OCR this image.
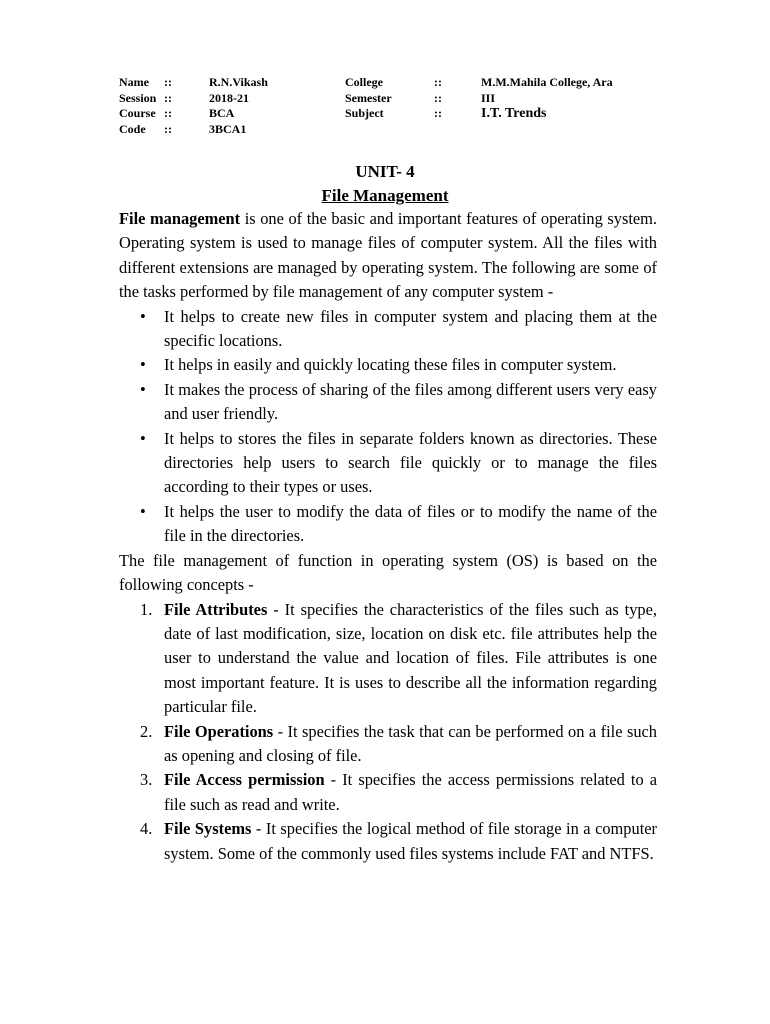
Name ::	R.N.Vikash	College	::	M.M.Mahila College, Ara
Session ::	2018-21	Semester	::	III
Course ::	BCA	Subject	::	I.T. Trends
Code ::	3BCA1
UNIT- 4
File Management

File management is one of the basic and important features of operating system. Operating system is used to manage files of computer system. All the files with different extensions are managed by operating system. The following are some of the tasks performed by file management of any computer system -

• It helps to create new files in computer system and placing them at the specific locations.
• It helps in easily and quickly locating these files in computer system.
• It makes the process of sharing of the files among different users very easy and user friendly.
• It helps to stores the files in separate folders known as directories. These directories help users to search file quickly or to manage the files according to their types or uses.
• It helps the user to modify the data of files or to modify the name of the file in the directories.

The file management of function in operating system (OS) is based on the following concepts -

1. File Attributes - It specifies the characteristics of the files such as type, date of last modification, size, location on disk etc. file attributes help the user to understand the value and location of files. File attributes is one most important feature. It is uses to describe all the information regarding particular file.
2. File Operations - It specifies the task that can be performed on a file such as opening and closing of file.
3. File Access permission - It specifies the access permissions related to a file such as read and write.
4. File Systems - It specifies the logical method of file storage in a computer system. Some of the commonly used files systems include FAT and NTFS.
